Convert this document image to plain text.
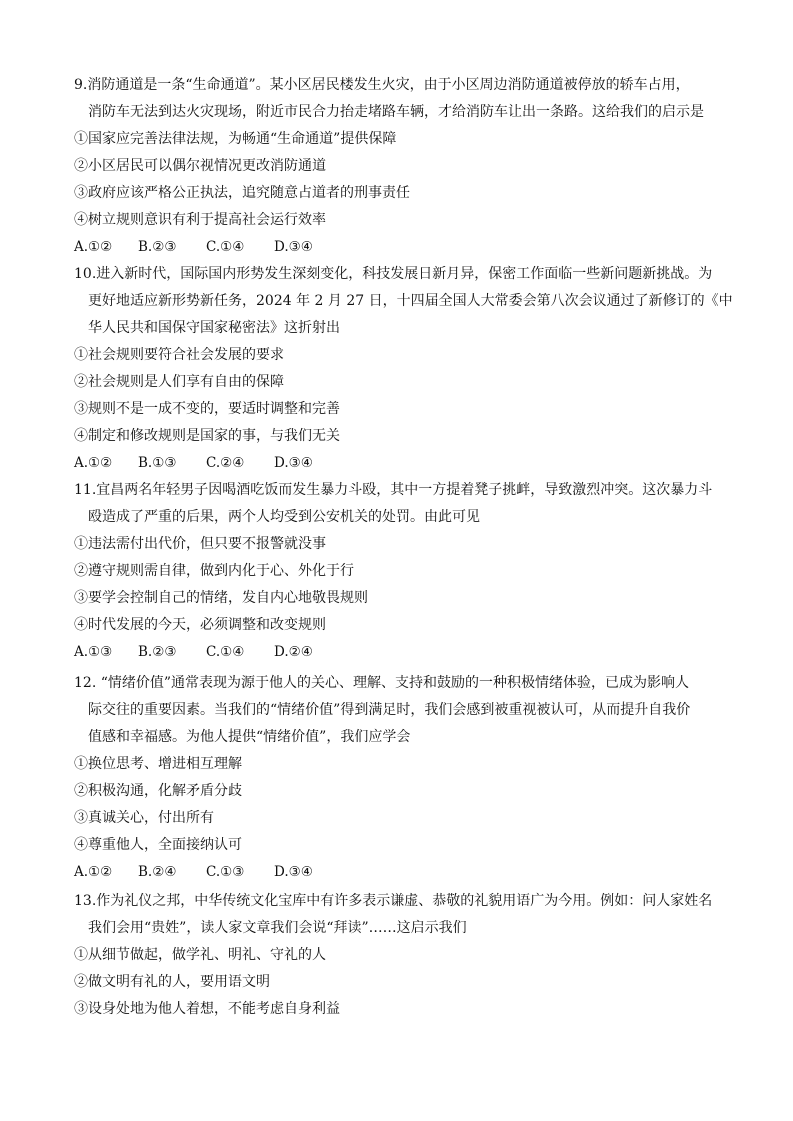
9.消防通道是一条“生命通道”。某小区居民楼发生火灾，由于小区周边消防通道被停放的轿车占用，
消防车无法到达火灾现场，附近市民合力抬走堵路车辆，才给消防车让出一条路。这给我们的启示是
①国家应完善法律法规，为畅通“生命通道”提供保障
②小区居民可以偶尔视情况更改消防通道
③政府应该严格公正执法，追究随意占道者的刑事责任
④树立规则意识有利于提高社会运行效率
A.①② B.②③ C.①④ D.③④
10.进入新时代，国际国内形势发生深刻变化，科技发展日新月异，保密工作面临一些新问题新挑战。为
更好地适应新形势新任务，2024 年 2 月 27 日，十四届全国人大常委会第八次会议通过了新修订的《中
华人民共和国保守国家秘密法》这折射出
①社会规则要符合社会发展的要求
②社会规则是人们享有自由的保障
③规则不是一成不变的，要适时调整和完善
④制定和修改规则是国家的事，与我们无关
A.①② B.①③ C.②④ D.③④
11.宜昌两名年轻男子因喝酒吃饭而发生暴力斗殴，其中一方提着凳子挑衅，导致激烈冲突。这次暴力斗
殴造成了严重的后果，两个人均受到公安机关的处罚。由此可见
①违法需付出代价，但只要不报警就没事
②遵守规则需自律，做到内化于心、外化于行
③要学会控制自己的情绪，发自内心地敬畏规则
④时代发展的今天，必须调整和改变规则
A.①③ B.②③ C.①④ D.②④
12. “情绪价值”通常表现为源于他人的关心、理解、支持和鼓励的一种积极情绪体验，已成为影响人
际交往的重要因素。当我们的“情绪价值”得到满足时，我们会感到被重视被认可，从而提升自我价
值感和幸福感。为他人提供“情绪价值”，我们应学会
①换位思考、增进相互理解
②积极沟通，化解矛盾分歧
③真诚关心，付出所有
④尊重他人，全面接纳认可
A.①② B.②④ C.①③ D.③④
13.作为礼仪之邦，中华传统文化宝库中有许多表示谦虚、恭敬的礼貌用语广为今用。例如：问人家姓名
我们会用“贵姓”，读人家文章我们会说“拜读”……这启示我们
①从细节做起，做学礼、明礼、守礼的人
②做文明有礼的人，要用语文明
③设身处地为他人着想，不能考虑自身利益
